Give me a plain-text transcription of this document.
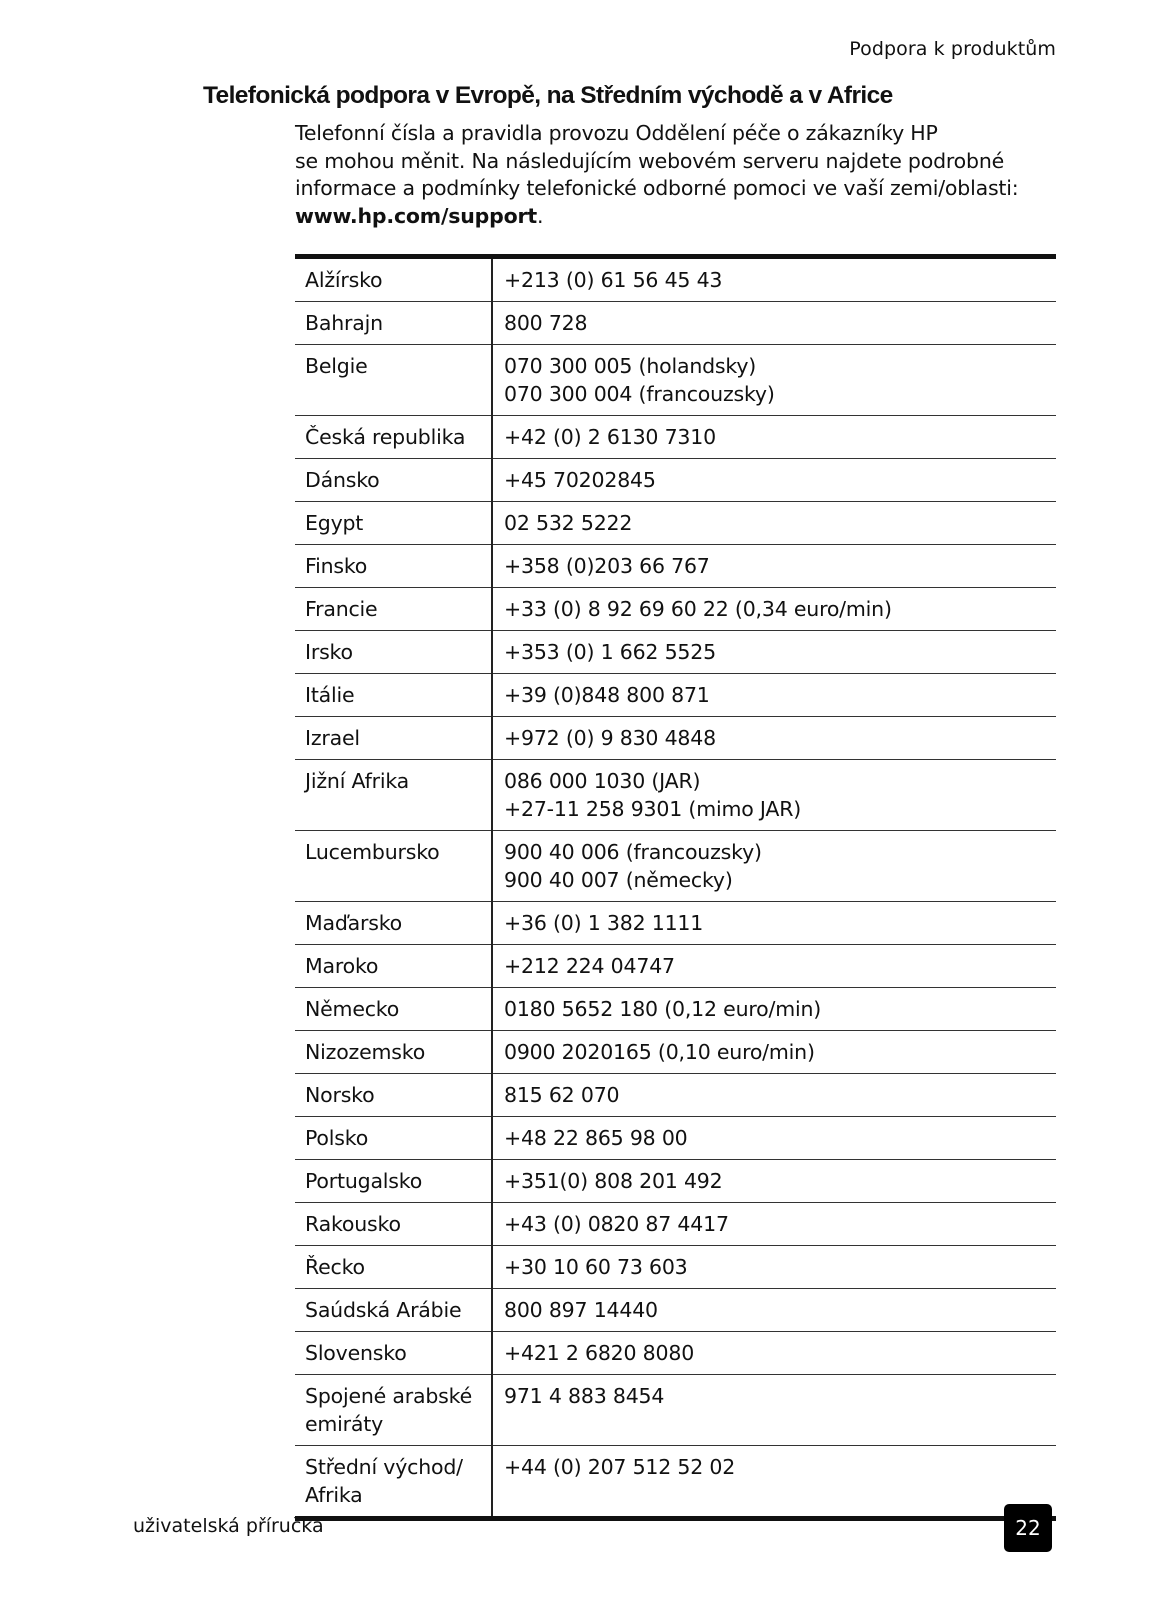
Podpora k produktům
Telefonická podpora v Evropě, na Středním východě a v Africe
Telefonní čísla a pravidla provozu Oddělení péče o zákazníky HP
se mohou měnit. Na následujícím webovém serveru najdete podrobné
informace a podmínky telefonické odborné pomoci ve vaší zemi/oblasti:
www.hp.com/support.
Alžírsko	+213 (0) 61 56 45 43

Bahrajn	800 728

Belgie	070 300 005 (holandsky)
070 300 004 (francouzsky)

Česká republika	+42 (0) 2 6130 7310

Dánsko	+45 70202845

Egypt	02 532 5222

Finsko	+358 (0)203 66 767

Francie	+33 (0) 8 92 69 60 22 (0,34 euro/min)

Irsko	+353 (0) 1 662 5525

Itálie	+39 (0)848 800 871

Izrael	+972 (0) 9 830 4848

Jižní Afrika	086 000 1030 (JAR)
+27-11 258 9301 (mimo JAR)

Lucembursko	900 40 006 (francouzsky)
900 40 007 (německy)

Maďarsko	+36 (0) 1 382 1111

Maroko	+212 224 04747

Německo	0180 5652 180 (0,12 euro/min)

Nizozemsko	0900 2020165 (0,10 euro/min)

Norsko	815 62 070

Polsko	+48 22 865 98 00

Portugalsko	+351(0) 808 201 492

Rakousko	+43 (0) 0820 87 4417

Řecko	+30 10 60 73 603

Saúdská Arábie	800 897 14440

Slovensko	+421 2 6820 8080

Spojené arabské emiráty	971 4 883 8454

Střední východ/ Afrika	+44 (0) 207 512 52 02
uživatelská příručka	22
